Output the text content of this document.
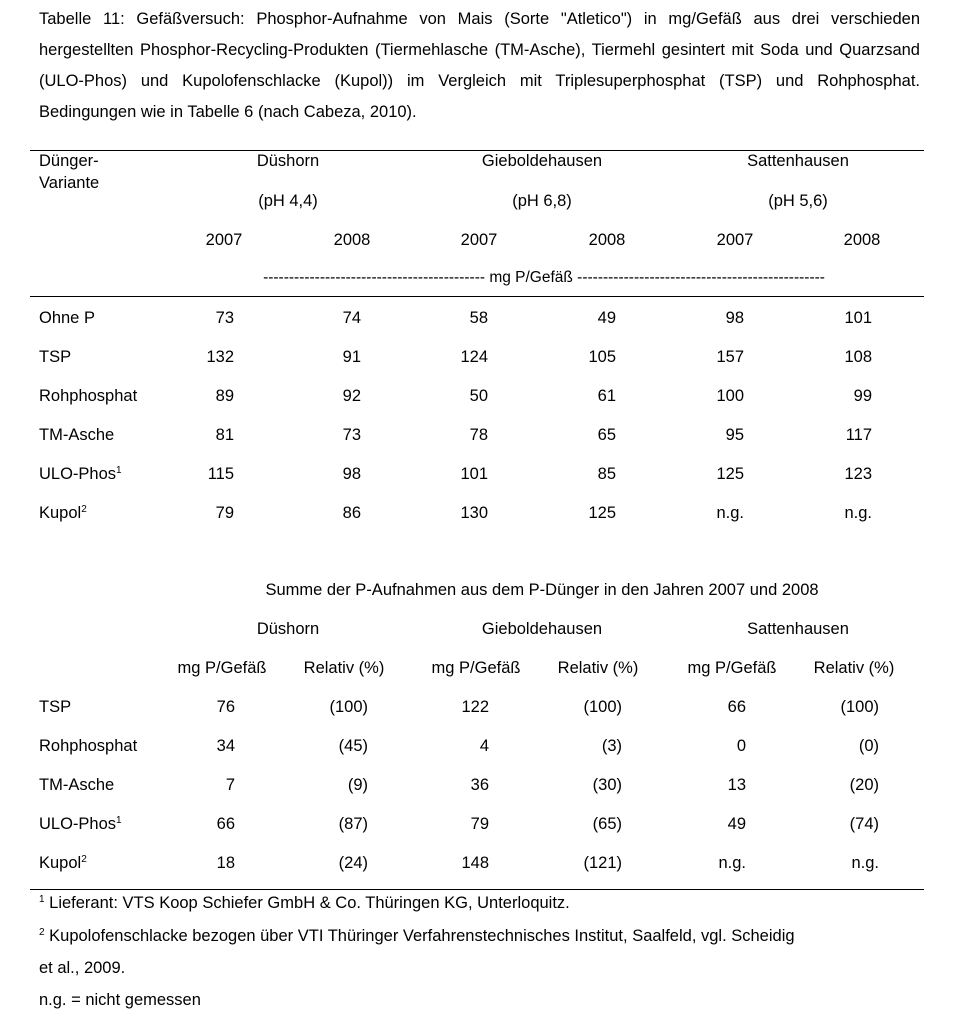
Tabelle 11: Gefäßversuch: Phosphor-Aufnahme von Mais (Sorte "Atletico") in mg/Gefäß aus drei verschieden hergestellten Phosphor-Recycling-Produkten (Tiermehlasche (TM-Asche), Tiermehl gesintert mit Soda und Quarzsand (ULO-Phos) und Kupolofenschlacke (Kupol)) im Vergleich mit Triplesuperphosphat (TSP) und Rohphosphat. Bedingungen wie in Tabelle 6 (nach Cabeza, 2010).
Dünger-
Variante
Düshorn	Gieboldehausen	Sattenhausen
(pH 4,4)	(pH 6,8)	(pH 5,6)
2007	2008	2007	2008	2007	2008
------------------------------------------- mg P/Gefäß ------------------------------------------------
Ohne P	73	74	58	49	98	101
TSP	132	91	124	105	157	108
Rohphosphat	89	92	50	61	100	99
TM-Asche	81	73	78	65	95	117
ULO-Phos$^1$	115	98	101	85	125	123
Kupol$^2$	79	86	130	125	n.g.	n.g.
Summe der P-Aufnahmen aus dem P-Dünger in den Jahren 2007 und 2008
Düshorn	Gieboldehausen	Sattenhausen
mg P/Gefäß Relativ (%)	mg P/Gefäß Relativ (%)	mg P/Gefäß Relativ (%)
TSP	76	(100)	122	(100)	66	(100)
Rohphosphat	34	(45)	4	(3)	0	(0)
TM-Asche	7	(9)	36	(30)	13	(20)
ULO-Phos$^1$	66	(87)	79	(65)	49	(74)
Kupol$^2$	18	(24)	148	(121)	n.g.	n.g.
$^1$ Lieferant: VTS Koop Schiefer GmbH & Co. Thüringen KG, Unterloquitz.
$^2$ Kupolofenschlacke bezogen über VTI Thüringer Verfahrenstechnisches Institut, Saalfeld, vgl. Scheidig
et al., 2009.
n.g. = nicht gemessen
